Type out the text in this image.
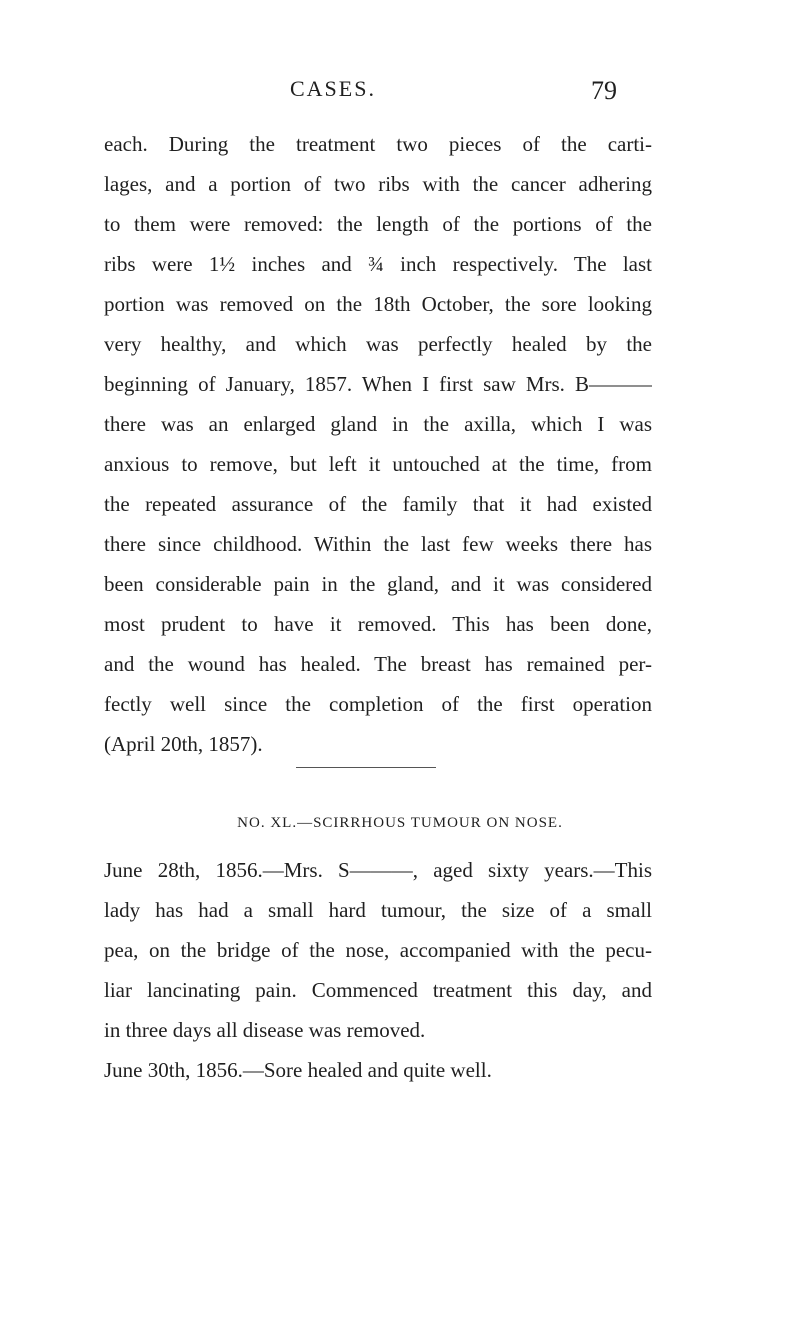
CASES.	79
each. During the treatment two pieces of the carti-
lages, and a portion of two ribs with the cancer adhering
to them were removed: the length of the portions of the
ribs were 1½ inches and ¾ inch respectively. The last
portion was removed on the 18th October, the sore looking
very healthy, and which was perfectly healed by the
beginning of January, 1857. When I first saw Mrs. B———
there was an enlarged gland in the axilla, which I was
anxious to remove, but left it untouched at the time, from
the repeated assurance of the family that it had existed
there since childhood. Within the last few weeks there has
been considerable pain in the gland, and it was considered
most prudent to have it removed. This has been done,
and the wound has healed. The breast has remained per-
fectly well since the completion of the first operation
(April 20th, 1857).
NO. XL.—SCIRRHOUS TUMOUR ON NOSE.
June 28th, 1856.—Mrs. S———, aged sixty years.—This
lady has had a small hard tumour, the size of a small
pea, on the bridge of the nose, accompanied with the pecu-
liar lancinating pain. Commenced treatment this day, and
in three days all disease was removed.
June 30th, 1856.—Sore healed and quite well.
